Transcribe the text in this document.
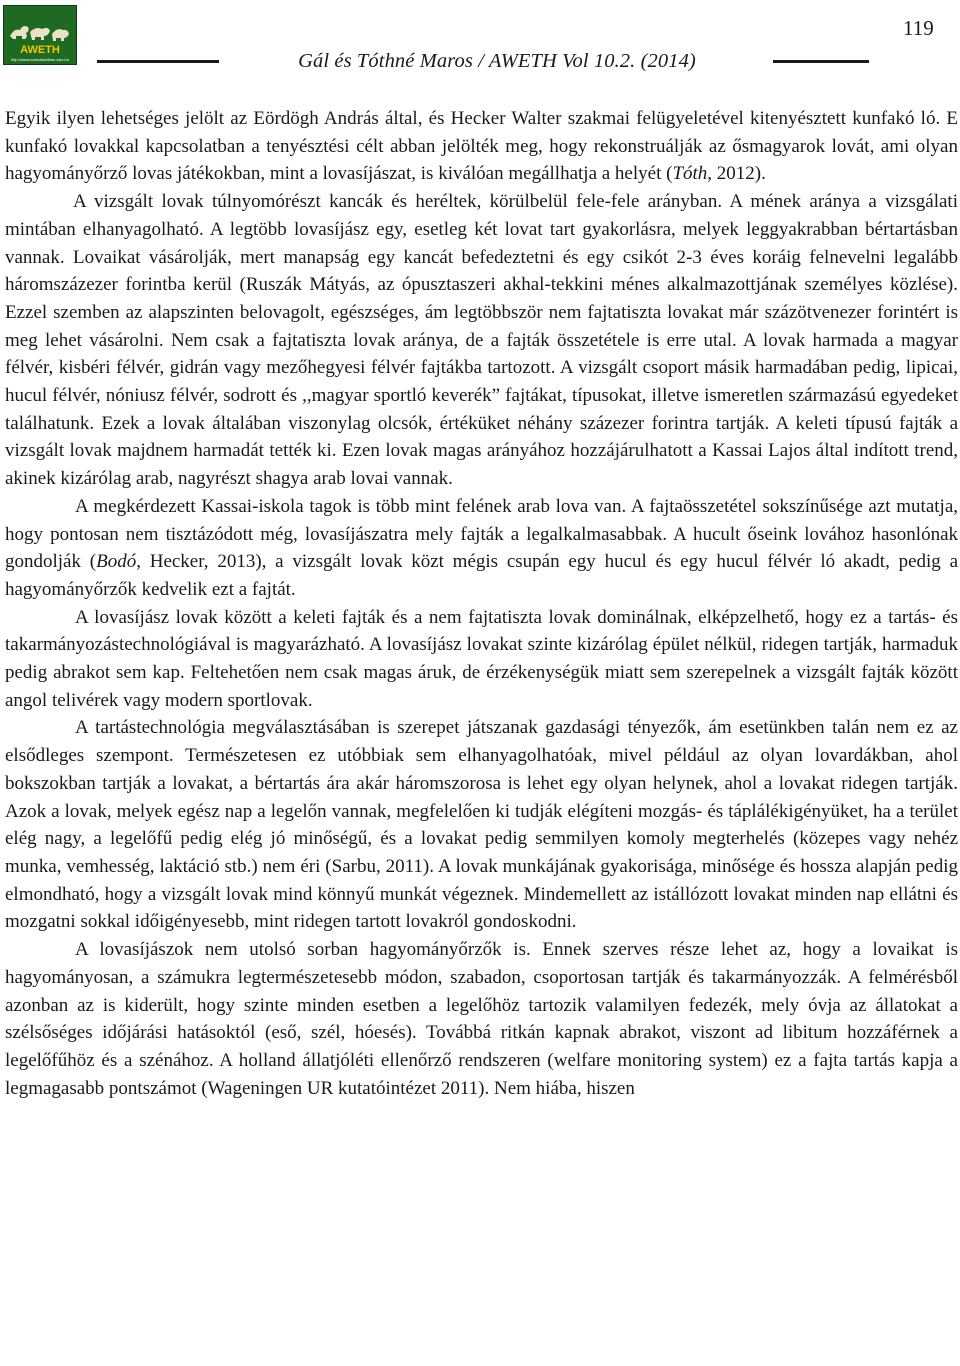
AWETH
http://www.animalwelfare.szie.hu	Gál és Tóthné Maros / AWETH Vol 10.2. (2014)
119

Egyik ilyen lehetséges jelölt az Eördögh András által, és Hecker Walter szakmai felügyeletével kitenyésztett kunfakó ló. E kunfakó lovakkal kapcsolatban a tenyésztési célt abban jelölték meg, hogy rekonstruálják az ősmagyarok lovát, ami olyan hagyományőrző lovas játékokban, mint a lovasíjászat, is kiválóan megállhatja a helyét (Tóth, 2012).

A vizsgált lovak túlnyomórészt kancák és heréltek, körülbelül fele-fele arányban. A mének aránya a vizsgálati mintában elhanyagolható. A legtöbb lovasíjász egy, esetleg két lovat tart gyakorlásra, melyek leggyakrabban bértartásban vannak. Lovaikat vásárolják, mert manapság egy kancát befedeztetni és egy csikót 2-3 éves koráig felnevelni legalább háromszázezer forintba kerül (Ruszák Mátyás, az ópusztaszeri akhal-tekkini ménes alkalmazottjának személyes közlése). Ezzel szemben az alapszinten belovagolt, egészséges, ám legtöbbször nem fajtatiszta lovakat már százötvenezer forintért is meg lehet vásárolni. Nem csak a fajtatiszta lovak aránya, de a fajták összetétele is erre utal. A lovak harmada a magyar félvér, kisbéri félvér, gidrán vagy mezőhegyesi félvér fajtákba tartozott. A vizsgált csoport másik harmadában pedig, lipicai, hucul félvér, nóniusz félvér, sodrott és ,,magyar sportló keverék” fajtákat, típusokat, illetve ismeretlen származású egyedeket találhatunk. Ezek a lovak általában viszonylag olcsók, értéküket néhány százezer forintra tartják. A keleti típusú fajták a vizsgált lovak majdnem harmadát tették ki. Ezen lovak magas arányához hozzájárulhatott a Kassai Lajos által indított trend, akinek kizárólag arab, nagyrészt shagya arab lovai vannak.

A megkérdezett Kassai-iskola tagok is több mint felének arab lova van. A fajtaösszetétel sokszínűsége azt mutatja, hogy pontosan nem tisztázódott még, lovasíjászatra mely fajták a legalkalmasabbak. A hucult őseink lovához hasonlónak gondolják (Bodó, Hecker, 2013), a vizsgált lovak közt mégis csupán egy hucul és egy hucul félvér ló akadt, pedig a hagyományőrzők kedvelik ezt a fajtát.

A lovasíjász lovak között a keleti fajták és a nem fajtatiszta lovak dominálnak, elképzelhető, hogy ez a tartás- és takarmányozástechnológiával is magyarázható. A lovasíjász lovakat szinte kizárólag épület nélkül, ridegen tartják, harmaduk pedig abrakot sem kap. Feltehetően nem csak magas áruk, de érzékenységük miatt sem szerepelnek a vizsgált fajták között angol telivérek vagy modern sportlovak.

A tartástechnológia megválasztásában is szerepet játszanak gazdasági tényezők, ám esetünkben talán nem ez az elsődleges szempont. Természetesen ez utóbbiak sem elhanyagolhatóak, mivel például az olyan lovardákban, ahol bokszokban tartják a lovakat, a bértartás ára akár háromszorosa is lehet egy olyan helynek, ahol a lovakat ridegen tartják. Azok a lovak, melyek egész nap a legelőn vannak, megfelelően ki tudják elégíteni mozgás- és táplálékigényüket, ha a terület elég nagy, a legelőfű pedig elég jó minőségű, és a lovakat pedig semmilyen komoly megterhelés (közepes vagy nehéz munka, vemhesség, laktáció stb.) nem éri (Sarbu, 2011). A lovak munkájának gyakorisága, minősége és hossza alapján pedig elmondható, hogy a vizsgált lovak mind könnyű munkát végeznek. Mindemellett az istállózott lovakat minden nap ellátni és mozgatni sokkal időigényesebb, mint ridegen tartott lovakról gondoskodni.

A lovasíjászok nem utolsó sorban hagyományőrzők is. Ennek szerves része lehet az, hogy a lovaikat is hagyományosan, a számukra legtermészetesebb módon, szabadon, csoportosan tartják és takarmányozzák. A felmérésből azonban az is kiderült, hogy szinte minden esetben a legelőhöz tartozik valamilyen fedezék, mely óvja az állatokat a szélsőséges időjárási hatásoktól (eső, szél, hóesés). Továbbá ritkán kapnak abrakot, viszont ad libitum hozzáférnek a legelőfűhöz és a szénához. A holland állatjóléti ellenőrző rendszeren (welfare monitoring system) ez a fajta tartás kapja a legmagasabb pontszámot (Wageningen UR kutatóintézet 2011). Nem hiába, hiszen
